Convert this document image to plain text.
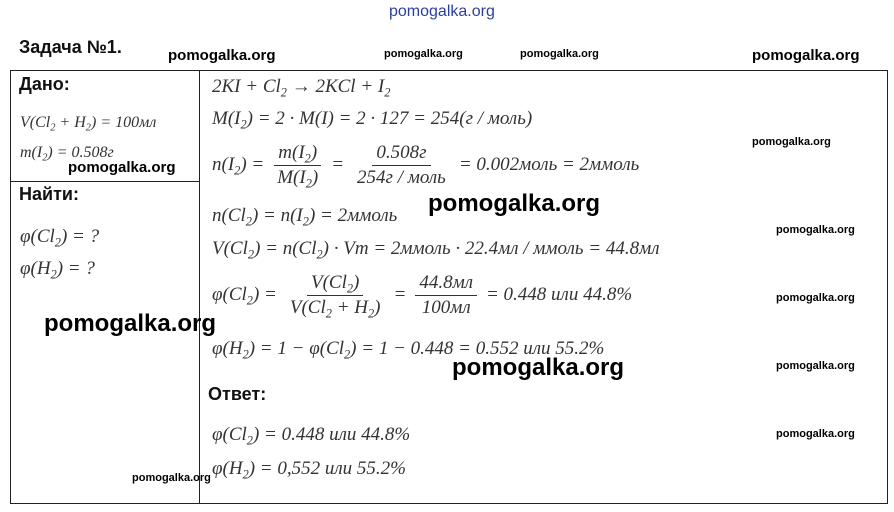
pomogalka.org
Задача №1.	pomogalka.org	pomogalka.org	pomogalka.org	pomogalka.org
Дано:
$V(Cl_2 + H_2) = 100мл$
$m(I_2) = 0.508г$
pomogalka.org
Найти:
$\varphi(Cl_2)$ = ?
$\varphi(H_2)$ = ?
pomogalka.org
pomogalka.org
$2KI + Cl_2 \to 2KCl + I_2$
$M(I_2) = 2 \cdot M(I) = 2 \cdot 127 = 254(г$ / моль)
$n(I_2) = \frac{m(I_2)}{M(I_2)} = \frac{0.508г}{\text{254г / моль}}$ = 0.002моль = 2ммоль
pomogalka.org
$n(Cl_2) = n(I_2)$ = 2ммоль pomogalka.org
pomogalka.org
$V(Cl_2) = n(Cl_2) \cdot Vm$ = 2ммоль · 22.4мл / ммоль = 44.8мл
$\varphi(Cl_2) = \frac{V(Cl_2)}{V(Cl_2 + H_2)} = \frac{44.8мл}{100мл} = 0.448$ или 44.8%	pomogalka.org
$\varphi(H_2) = 1 - \varphi(Cl_2) = 1 - 0.448 = 0.552$ или 55.2%
pomogalka.org	pomogalka.org
Ответ:
$\varphi(Cl_2) = 0.448$ или 44.8%	pomogalka.org
$\varphi(H_2) = 0,552$ или 55.2%
